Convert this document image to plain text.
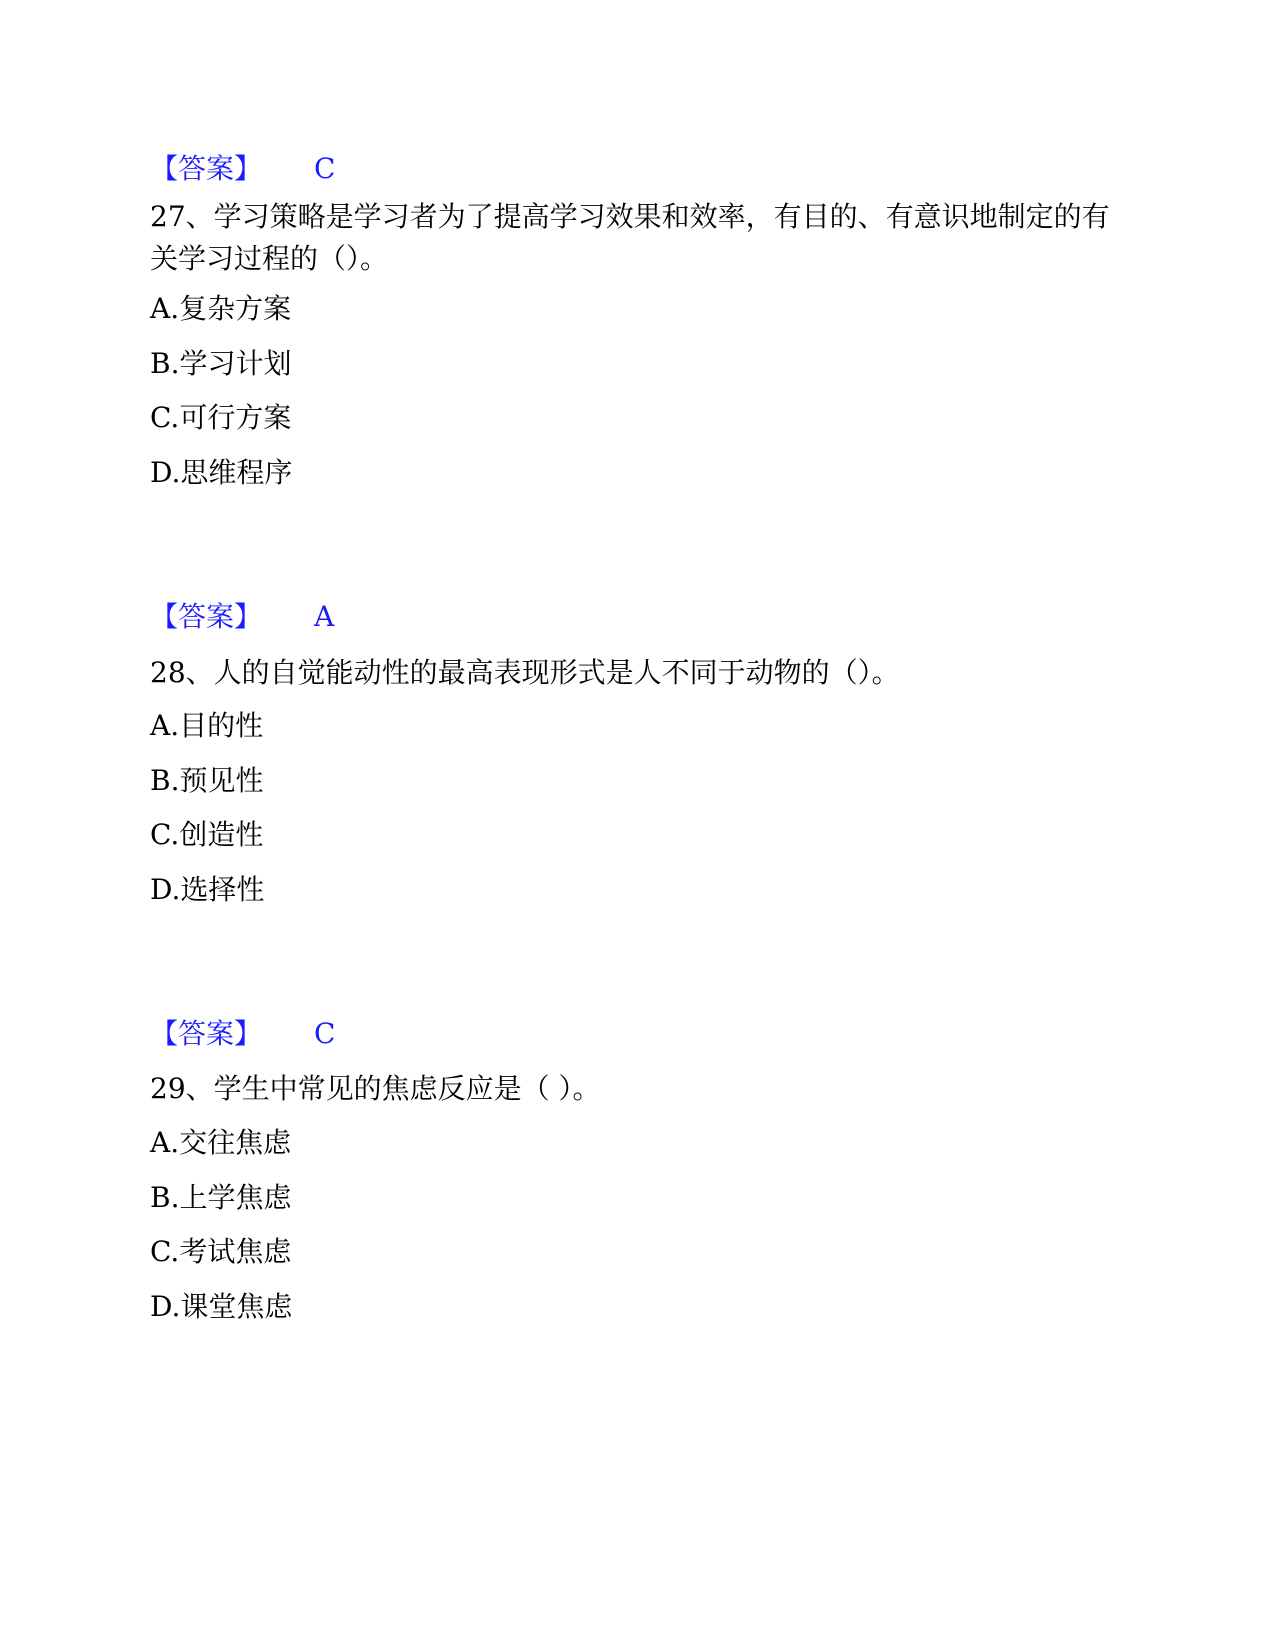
【答案】 C
27、学习策略是学习者为了提高学习效果和效率，有目的、有意识地制定的有关学习过程的（）。
A.复杂方案
B.学习计划
C.可行方案
D.思维程序
【答案】 A
28、人的自觉能动性的最高表现形式是人不同于动物的（）。
A.目的性
B.预见性
C.创造性
D.选择性
【答案】 C
29、学生中常见的焦虑反应是（ ）。
A.交往焦虑
B.上学焦虑
C.考试焦虑
D.课堂焦虑
